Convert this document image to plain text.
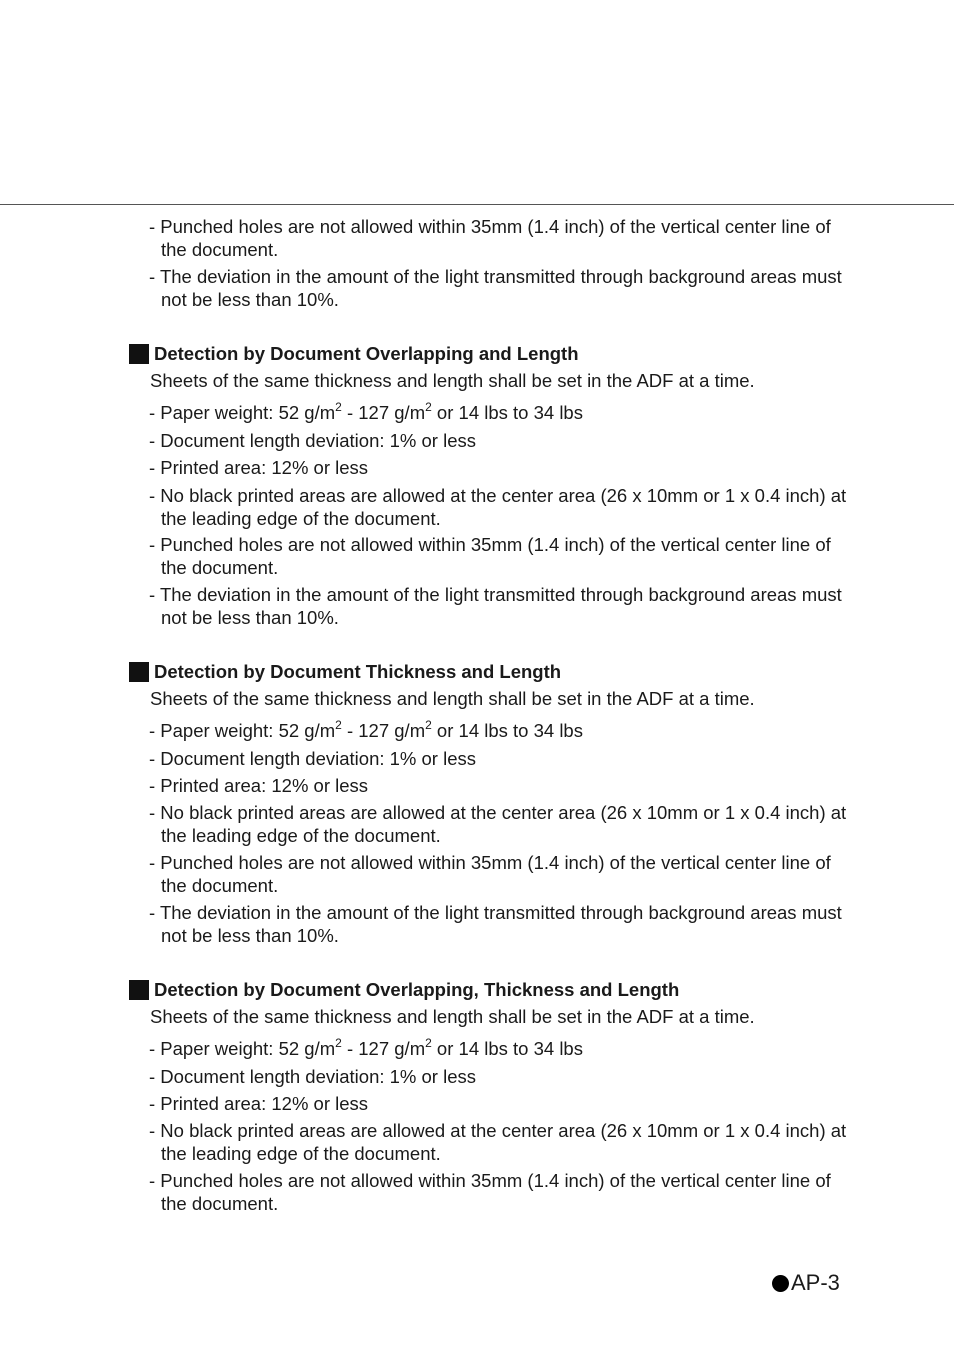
- Punched holes are not allowed within 35mm (1.4 inch) of the vertical center line of the document.
- The deviation in the amount of the light transmitted through background areas must not be less than 10%.
Detection by Document Overlapping and Length
Sheets of the same thickness and length shall be set in the ADF at a time.
- Paper weight: 52 $g/m^2 - 127$ $g/m^2$ or 14 lbs to 34 lbs
- Document length deviation: 1% or less
- Printed area: 12% or less
- No black printed areas are allowed at the center area (26 x 10mm or 1 x 0.4 inch) at the leading edge of the document.
- Punched holes are not allowed within 35mm (1.4 inch) of the vertical center line of the document.
- The deviation in the amount of the light transmitted through background areas must not be less than 10%.
Detection by Document Thickness and Length
Sheets of the same thickness and length shall be set in the ADF at a time.
- Paper weight: 52 $g/m^2 - 127$ $g/m^2$ or 14 lbs to 34 lbs
- Document length deviation: 1% or less
- Printed area: 12% or less
- No black printed areas are allowed at the center area (26 x 10mm or 1 x 0.4 inch) at the leading edge of the document.
- Punched holes are not allowed within 35mm (1.4 inch) of the vertical center line of the document.
- The deviation in the amount of the light transmitted through background areas must not be less than 10%.
Detection by Document Overlapping, Thickness and Length
Sheets of the same thickness and length shall be set in the ADF at a time.
- Paper weight: 52 $g/m^2 - 127$ $g/m^2$ or 14 lbs to 34 lbs
- Document length deviation: 1% or less
- Printed area: 12% or less
- No black printed areas are allowed at the center area (26 x 10mm or 1 x 0.4 inch) at the leading edge of the document.
- Punched holes are not allowed within 35mm (1.4 inch) of the vertical center line of the document.
AP-3
